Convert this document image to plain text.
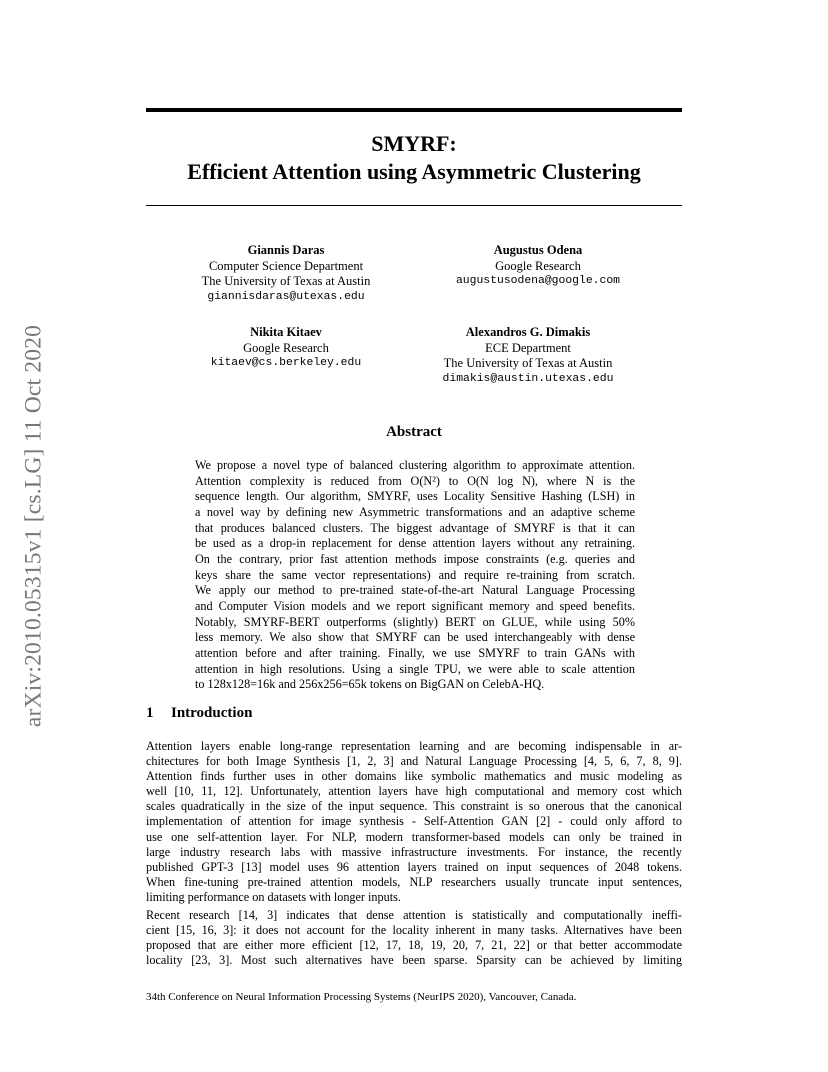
SMYRF:
Efficient Attention using Asymmetric Clustering
arXiv:2010.05315v1 [cs.LG] 11 Oct 2020
Giannis Daras
Computer Science Department
The University of Texas at Austin
giannisdaras@utexas.edu
Augustus Odena
Google Research
augustusodena@google.com
Nikita Kitaev
Google Research
kitaev@cs.berkeley.edu
Alexandros G. Dimakis
ECE Department
The University of Texas at Austin
dimakis@austin.utexas.edu
Abstract
We propose a novel type of balanced clustering algorithm to approximate attention.
Attention complexity is reduced from O(N²) to O(N log N), where N is the
sequence length. Our algorithm, SMYRF, uses Locality Sensitive Hashing (LSH) in
a novel way by defining new Asymmetric transformations and an adaptive scheme
that produces balanced clusters. The biggest advantage of SMYRF is that it can
be used as a drop-in replacement for dense attention layers without any retraining.
On the contrary, prior fast attention methods impose constraints (e.g. queries and
keys share the same vector representations) and require re-training from scratch.
We apply our method to pre-trained state-of-the-art Natural Language Processing
and Computer Vision models and we report significant memory and speed benefits.
Notably, SMYRF-BERT outperforms (slightly) BERT on GLUE, while using 50%
less memory. We also show that SMYRF can be used interchangeably with dense
attention before and after training. Finally, we use SMYRF to train GANs with
attention in high resolutions. Using a single TPU, we were able to scale attention
to 128x128=16k and 256x256=65k tokens on BigGAN on CelebA-HQ.
1 Introduction
Attention layers enable long-range representation learning and are becoming indispensable in ar-
chitectures for both Image Synthesis [1, 2, 3] and Natural Language Processing [4, 5, 6, 7, 8, 9].
Attention finds further uses in other domains like symbolic mathematics and music modeling as
well [10, 11, 12]. Unfortunately, attention layers have high computational and memory cost which
scales quadratically in the size of the input sequence. This constraint is so onerous that the canonical
implementation of attention for image synthesis - Self-Attention GAN [2] - could only afford to
use one self-attention layer. For NLP, modern transformer-based models can only be trained in
large industry research labs with massive infrastructure investments. For instance, the recently
published GPT-3 [13] model uses 96 attention layers trained on input sequences of 2048 tokens.
When fine-tuning pre-trained attention models, NLP researchers usually truncate input sentences,
limiting performance on datasets with longer inputs.
Recent research [14, 3] indicates that dense attention is statistically and computationally ineffi-
cient [15, 16, 3]: it does not account for the locality inherent in many tasks. Alternatives have been
proposed that are either more efficient [12, 17, 18, 19, 20, 7, 21, 22] or that better accommodate
locality [23, 3]. Most such alternatives have been sparse. Sparsity can be achieved by limiting
34th Conference on Neural Information Processing Systems (NeurIPS 2020), Vancouver, Canada.
